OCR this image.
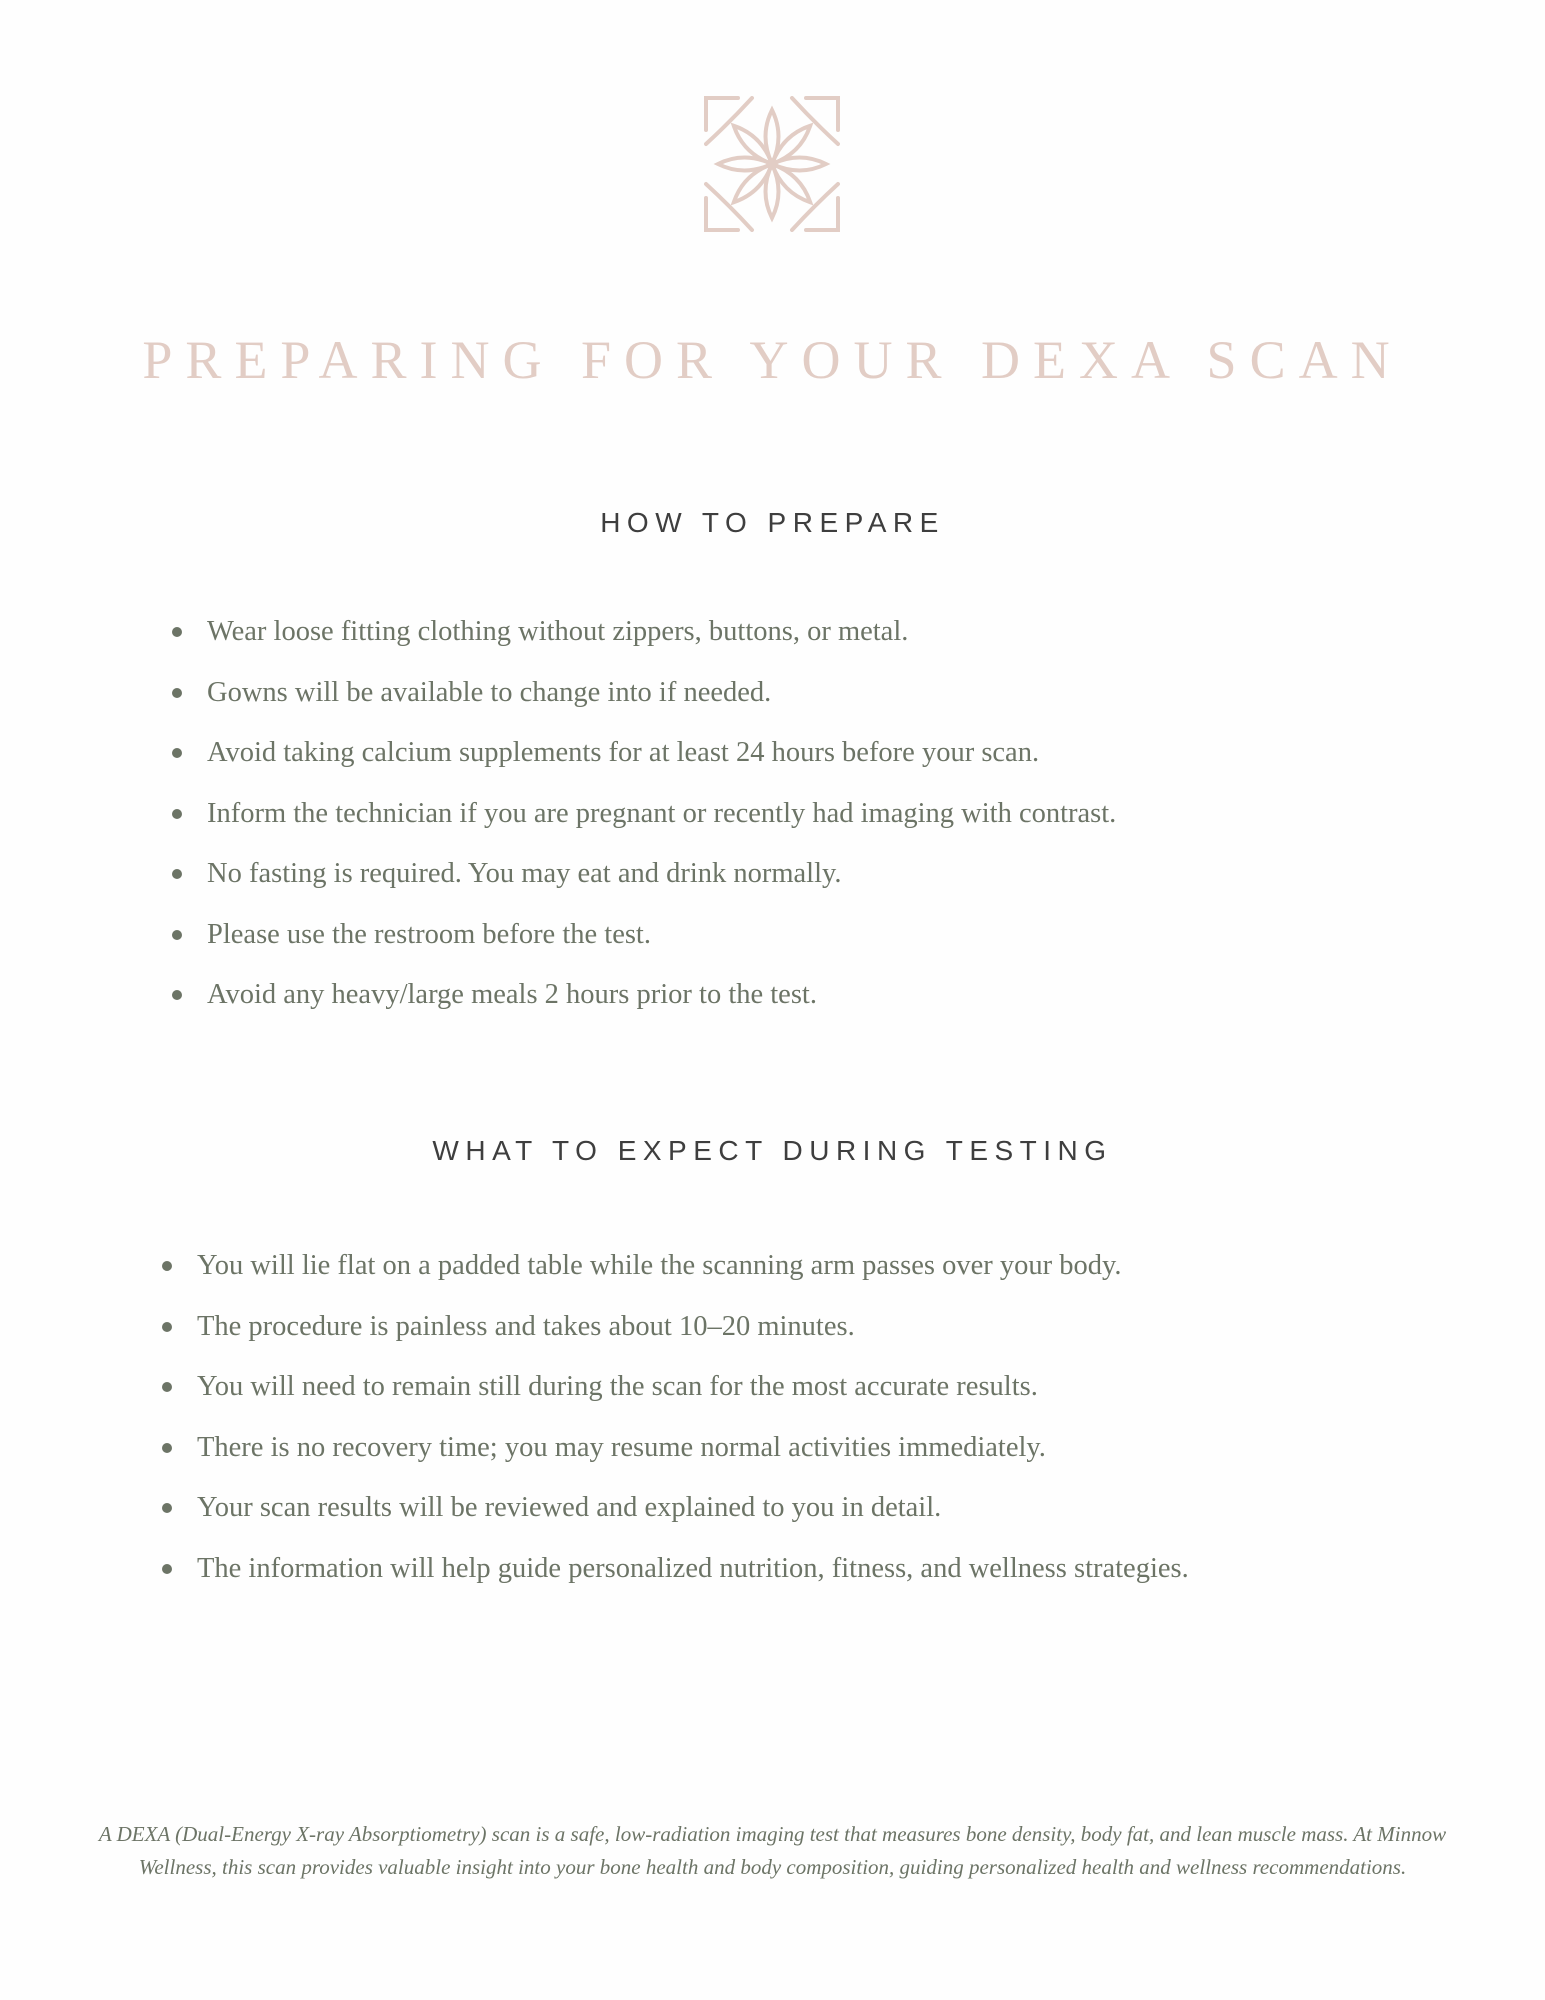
PREPARING FOR YOUR DEXA SCAN
HOW TO PREPARE
Wear loose fitting clothing without zippers, buttons, or metal.
Gowns will be available to change into if needed.
Avoid taking calcium supplements for at least 24 hours before your scan.
Inform the technician if you are pregnant or recently had imaging with contrast.
No fasting is required. You may eat and drink normally.
Please use the restroom before the test.
Avoid any heavy/large meals 2 hours prior to the test.
WHAT TO EXPECT DURING TESTING
You will lie flat on a padded table while the scanning arm passes over your body.
The procedure is painless and takes about 10–20 minutes.
You will need to remain still during the scan for the most accurate results.
There is no recovery time; you may resume normal activities immediately.
Your scan results will be reviewed and explained to you in detail.
The information will help guide personalized nutrition, fitness, and wellness strategies.

A DEXA (Dual-Energy X-ray Absorptiometry) scan is a safe, low-radiation imaging test that measures bone density, body fat, and lean muscle mass. At Minnow Wellness, this scan provides valuable insight into your bone health and body composition, guiding personalized health and wellness recommendations.
